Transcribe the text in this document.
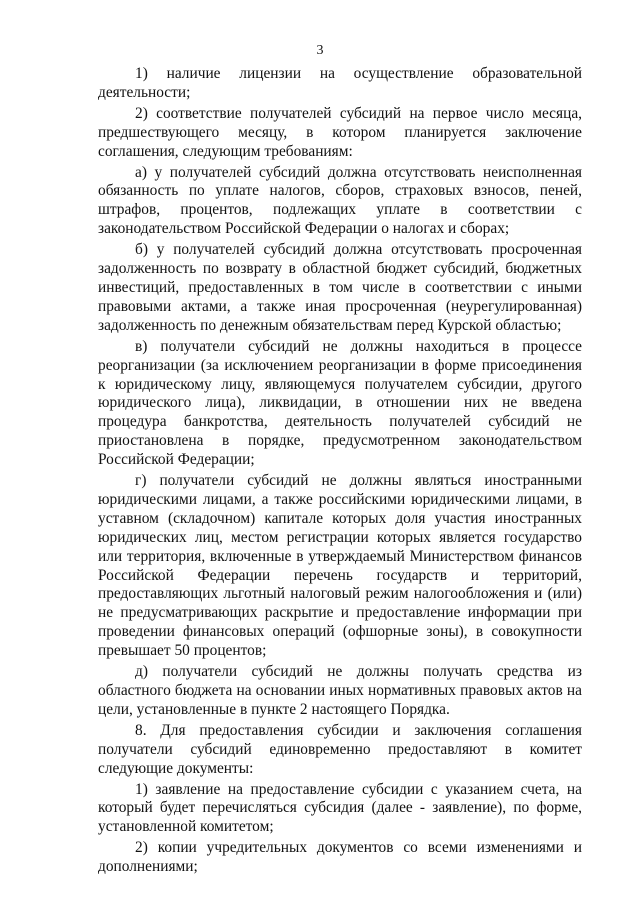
3

1) наличие лицензии на осуществление образовательной деятельности;

2) соответствие получателей субсидий на первое число месяца, предшествующего месяцу, в котором планируется заключение соглашения, следующим требованиям:

а) у получателей субсидий должна отсутствовать неисполненная обязанность по уплате налогов, сборов, страховых взносов, пеней, штрафов, процентов, подлежащих уплате в соответствии с законодательством Российской Федерации о налогах и сборах;

б) у получателей субсидий должна отсутствовать просроченная задолженность по возврату в областной бюджет субсидий, бюджетных инвестиций, предоставленных в том числе в соответствии с иными правовыми актами, а также иная просроченная (неурегулированная) задолженность по денежным обязательствам перед Курской областью;

в) получатели субсидий не должны находиться в процессе реорганизации (за исключением реорганизации в форме присоединения к юридическому лицу, являющемуся получателем субсидии, другого юридического лица), ликвидации, в отношении них не введена процедура банкротства, деятельность получателей субсидий не приостановлена в порядке, предусмотренном законодательством Российской Федерации;

г) получатели субсидий не должны являться иностранными юридическими лицами, а также российскими юридическими лицами, в уставном (складочном) капитале которых доля участия иностранных юридических лиц, местом регистрации которых является государство или территория, включенные в утверждаемый Министерством финансов Российской Федерации перечень государств и территорий, предоставляющих льготный налоговый режим налогообложения и (или) не предусматривающих раскрытие и предоставление информации при проведении финансовых операций (офшорные зоны), в совокупности превышает 50 процентов;

д) получатели субсидий не должны получать средства из областного бюджета на основании иных нормативных правовых актов на цели, установленные в пункте 2 настоящего Порядка.

8. Для предоставления субсидии и заключения соглашения получатели субсидий единовременно предоставляют в комитет следующие документы:

1) заявление на предоставление субсидии с указанием счета, на который будет перечисляться субсидия (далее - заявление), по форме, установленной комитетом;

2) копии учредительных документов со всеми изменениями и дополнениями;
